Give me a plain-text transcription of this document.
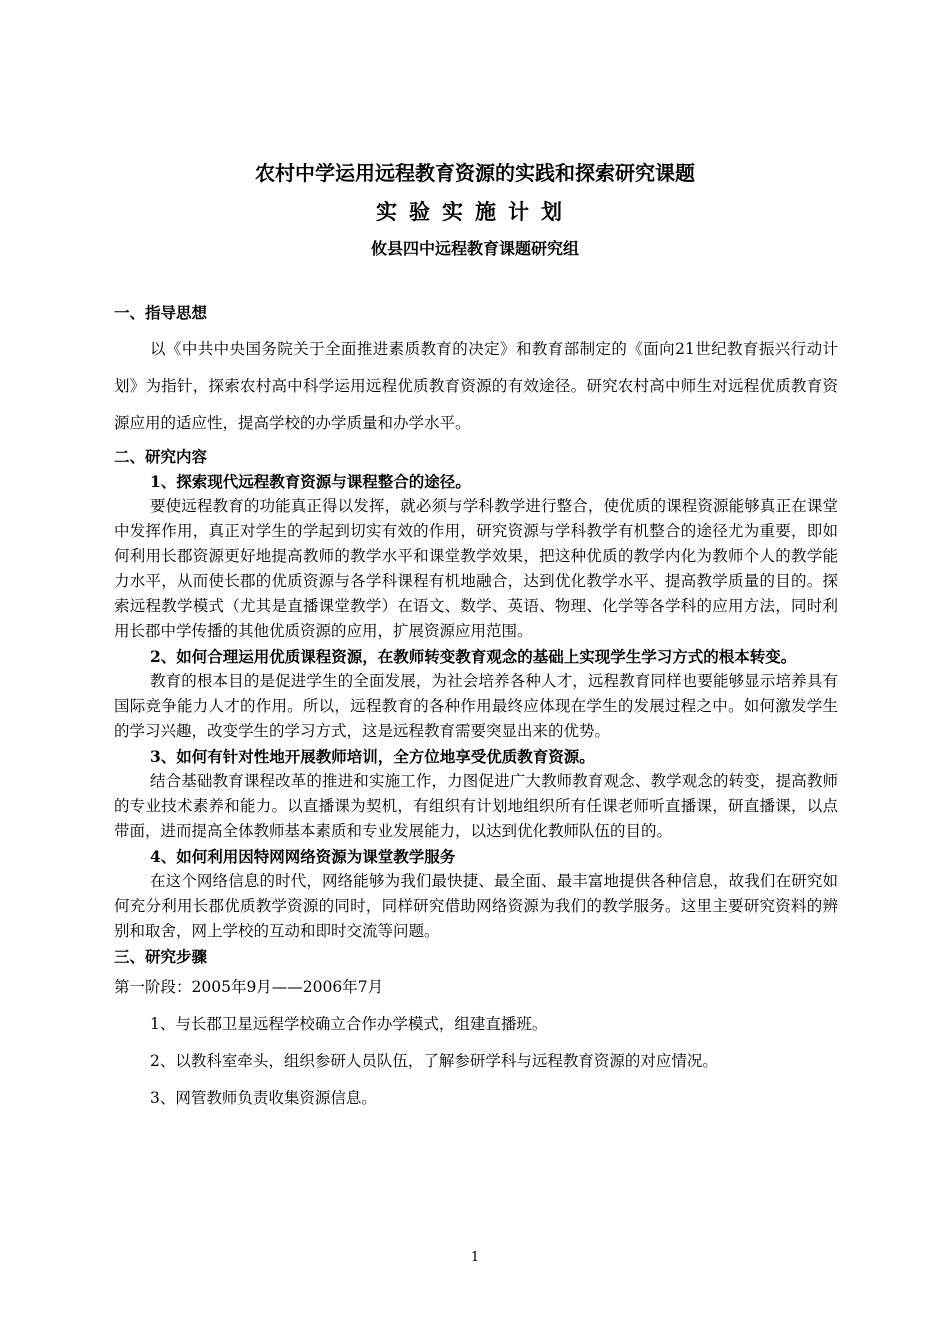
农村中学运用远程教育资源的实践和探索研究课题
实验实施计划
攸县四中远程教育课题研究组

一、指导思想

以《中共中央国务院关于全面推进素质教育的决定》和教育部制定的《面向21世纪教育振兴行动计划》为指针，探索农村高中科学运用远程优质教育资源的有效途径。研究农村高中师生对远程优质教育资源应用的适应性，提高学校的办学质量和办学水平。

二、研究内容

1、探索现代远程教育资源与课程整合的途径。

要使远程教育的功能真正得以发挥，就必须与学科教学进行整合，使优质的课程资源能够真正在课堂中发挥作用，真正对学生的学起到切实有效的作用，研究资源与学科教学有机整合的途径尤为重要，即如何利用长郡资源更好地提高教师的教学水平和课堂教学效果，把这种优质的教学内化为教师个人的教学能力水平，从而使长郡的优质资源与各学科课程有机地融合，达到优化教学水平、提高教学质量的目的。探索远程教学模式（尤其是直播课堂教学）在语文、数学、英语、物理、化学等各学科的应用方法，同时利用长郡中学传播的其他优质资源的应用，扩展资源应用范围。

2、如何合理运用优质课程资源，在教师转变教育观念的基础上实现学生学习方式的根本转变。

教育的根本目的是促进学生的全面发展，为社会培养各种人才，远程教育同样也要能够显示培养具有国际竞争能力人才的作用。所以，远程教育的各种作用最终应体现在学生的发展过程之中。如何激发学生的学习兴趣，改变学生的学习方式，这是远程教育需要突显出来的优势。

3、如何有针对性地开展教师培训，全方位地享受优质教育资源。

结合基础教育课程改革的推进和实施工作，力图促进广大教师教育观念、教学观念的转变，提高教师的专业技术素养和能力。以直播课为契机，有组织有计划地组织所有任课老师听直播课，研直播课，以点带面，进而提高全体教师基本素质和专业发展能力，以达到优化教师队伍的目的。

4、如何利用因特网网络资源为课堂教学服务

在这个网络信息的时代，网络能够为我们最快捷、最全面、最丰富地提供各种信息，故我们在研究如何充分利用长郡优质教学资源的同时，同样研究借助网络资源为我们的教学服务。这里主要研究资料的辨别和取舍，网上学校的互动和即时交流等问题。

三、研究步骤

第一阶段：2005年9月——2006年7月

1、与长郡卫星远程学校确立合作办学模式，组建直播班。

2、以教科室牵头，组织参研人员队伍，了解参研学科与远程教育资源的对应情况。

3、网管教师负责收集资源信息。

1
